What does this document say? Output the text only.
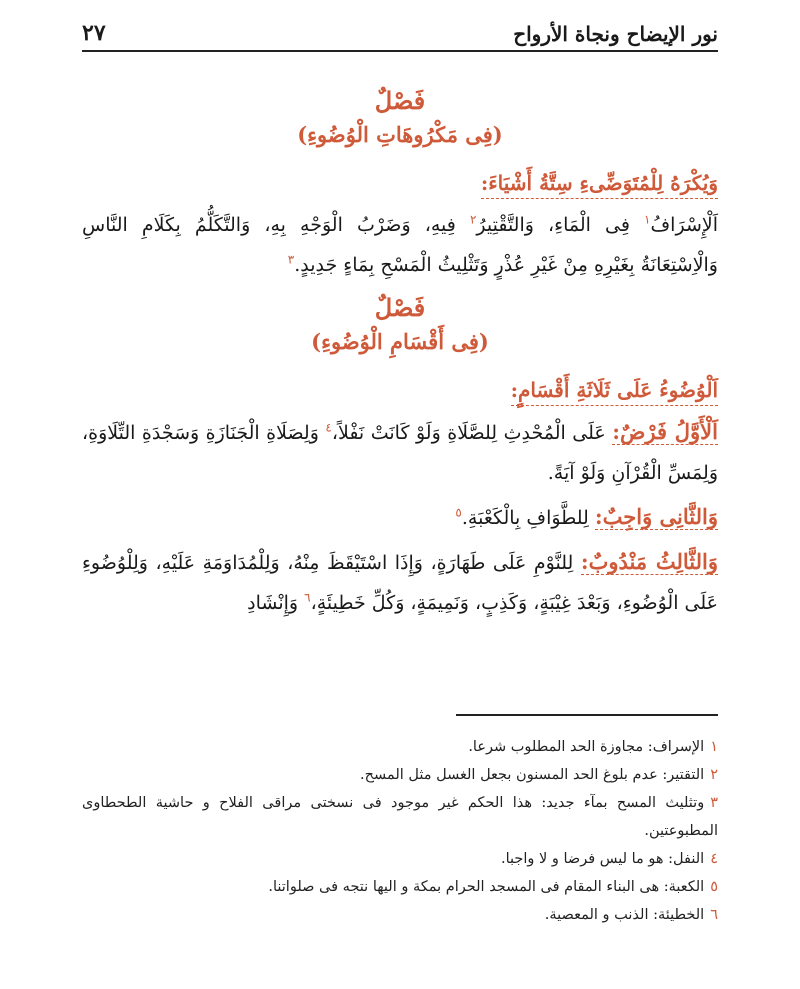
نور الإيضاح ونجاة الأرواح
٢٧
فَصْلٌ
(فِى مَكْرُوهَاتِ الْوُضُوءِ)
وَيُكْرَهُ لِلْمُتَوَضِّىءِ سِتَّةُ أَشْيَاءَ:

اَلْإِسْرَافُ$^١$ فِى الْمَاءِ، وَالتَّقْتِيرُ$^٢$ فِيهِ، وَضَرْبُ الْوَجْهِ بِهِ، وَالتَّكَلُّمُ بِكَلَامِ النَّاسِ وَالْاِسْتِعَانَةُ بِغَيْرِهِ مِنْ غَيْرِ عُذْرٍ وَتَثْلِيثُ الْمَسْحِ بِمَاءٍ جَدِيدٍ.$^٣$

فَصْلٌ
(فِى أَقْسَامِ الْوُضُوءِ)
اَلْوُضُوءُ عَلَى ثَلَاثَةِ أَقْسَامٍ:

اَلْأَوَّلُ فَرْضٌ: عَلَى الْمُحْدِثِ لِلصَّلَاةِ وَلَوْ كَانَتْ نَفْلاً،$^٤$ وَلِصَلَاةِ الْجَنَازَةِ وَسَجْدَةِ التِّلَاوَةِ، وَلِمَسِّ الْقُرْآنِ وَلَوْ آيَةً.

وَالثَّانِى وَاجِبٌ: لِلطَّوَافِ بِالْكَعْبَةِ.$^٥$

وَالثَّالِثُ مَنْدُوبٌ: لِلنَّوْمِ عَلَى طَهَارَةٍ، وَإِذَا اسْتَيْقَظَ مِنْهُ، وَلِلْمُدَاوَمَةِ عَلَيْهِ، وَلِلْوُضُوءِ عَلَى الْوُضُوءِ، وَبَعْدَ غِيْبَةٍ، وَكَذِبٍ، وَنَمِيمَةٍ، وَكُلِّ خَطِيئَةٍ،$^٦$ وَإِنْشَادِ

١الإسراف: مجاوزة الحد المطلوب شرعا.

٢التقتير: عدم بلوغ الحد المسنون بجعل الغسل مثل المسح.

٣وتثليث المسح بمآء جديد: هذا الحكم غير موجود فى نسختى مراقى الفلاح و حاشية الطحطاوى المطبوعتين.

٤النفل: هو ما ليس فرضا و لا واجبا.

٥الكعبة: هى البناء المقام فى المسجد الحرام بمكة و اليها نتجه فى صلواتنا.

٦الخطيئة: الذنب و المعصية.
